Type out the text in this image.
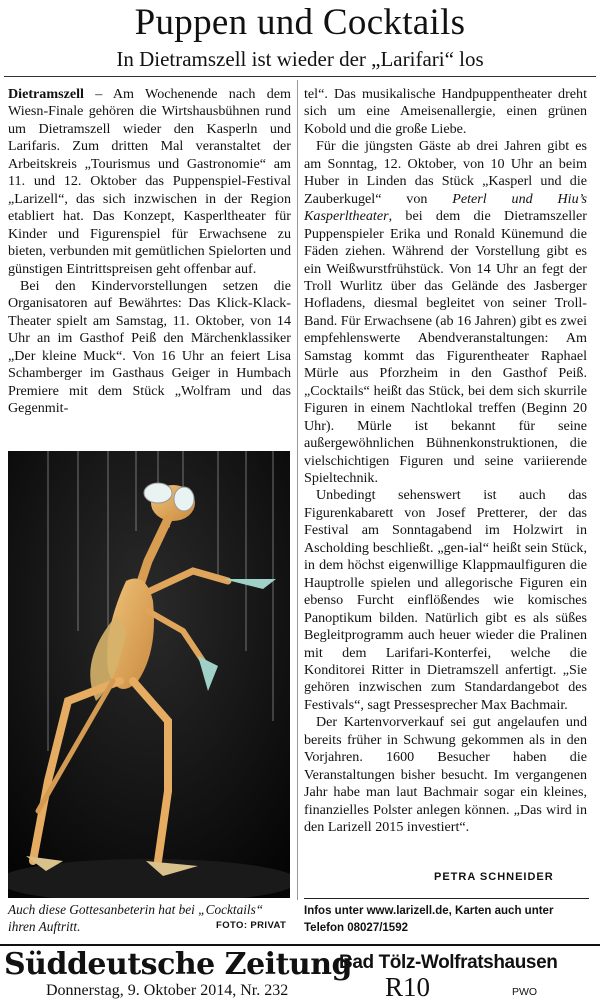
Puppen und Cocktails
In Dietramszell ist wieder der „Larifari“ los

Dietramszell – Am Wochenende nach dem Wiesn-Finale gehören die Wirtshausbühnen rund um Dietramszell wieder den Kasperln und Larifaris. Zum dritten Mal veranstaltet der Arbeitskreis „Tourismus und Gastronomie“ am 11. und 12. Oktober das Puppenspiel-Festival „Larizell“, das sich inzwischen in der Region etabliert hat. Das Konzept, Kasperltheater für Kinder und Figurenspiel für Erwachsene zu bieten, verbunden mit gemütlichen Spielorten und günstigen Eintrittspreisen geht offenbar auf.

Bei den Kindervorstellungen setzen die Organisatoren auf Bewährtes: Das Klick-Klack-Theater spielt am Samstag, 11. Oktober, von 14 Uhr an im Gasthof Peiß den Märchenklassiker „Der kleine Muck“. Von 16 Uhr an feiert Lisa Schamberger im Gasthaus Geiger in Humbach Premiere mit dem Stück „Wolfram und das Gegenmit-

Auch diese Gottesanbeterin hat bei „Cocktails“ ihren Auftritt.	FOTO: PRIVAT

tel“. Das musikalische Handpuppentheater dreht sich um eine Ameisenallergie, einen grünen Kobold und die große Liebe.

Für die jüngsten Gäste ab drei Jahren gibt es am Sonntag, 12. Oktober, von 10 Uhr an beim Huber in Linden das Stück „Kasperl und die Zauberkugel“ von Peterl und Hiu’s Kasperltheater, bei dem die Dietramszeller Puppenspieler Erika und Ronald Künemund die Fäden ziehen. Während der Vorstellung gibt es ein Weißwurstfrühstück. Von 14 Uhr an fegt der Troll Wurlitz über das Gelände des Jasberger Hofladens, diesmal begleitet von seiner Troll-Band. Für Erwachsene (ab 16 Jahren) gibt es zwei empfehlenswerte Abendveranstaltungen: Am Samstag kommt das Figurentheater Raphael Mürle aus Pforzheim in den Gasthof Peiß. „Cocktails“ heißt das Stück, bei dem sich skurrile Figuren in einem Nachtlokal treffen (Beginn 20 Uhr). Mürle ist bekannt für seine außergewöhnlichen Bühnenkonstruktionen, die vielschichtigen Figuren und seine variierende Spieltechnik.

Unbedingt sehenswert ist auch das Figurenkabarett von Josef Pretterer, der das Festival am Sonntagabend im Holzwirt in Ascholding beschließt. „gen-ial“ heißt sein Stück, in dem höchst eigenwillige Klappmaulfiguren die Hauptrolle spielen und allegorische Figuren ein ebenso Furcht einflößendes wie komisches Panoptikum bilden. Natürlich gibt es als süßes Begleitprogramm auch heuer wieder die Pralinen mit dem Larifari-Konterfei, welche die Konditorei Ritter in Dietramszell anfertigt. „Sie gehören inzwischen zum Standardangebot des Festivals“, sagt Pressesprecher Max Bachmair.

Der Kartenvorverkauf sei gut angelaufen und bereits früher in Schwung gekommen als in den Vorjahren. 1600 Besucher haben die Veranstaltungen bisher besucht. Im vergangenen Jahr habe man laut Bachmair sogar ein kleines, finanzielles Polster anlegen können. „Das wird in den Larizell 2015 investiert“.

PETRA SCHNEIDER
Infos unter www.larizell.de, Karten auch unter Telefon 08027/1592
Süddeutsche Zeitung
Bad Tölz-Wolfratshausen
Donnerstag, 9. Oktober 2014, Nr. 232	R10	PWO
